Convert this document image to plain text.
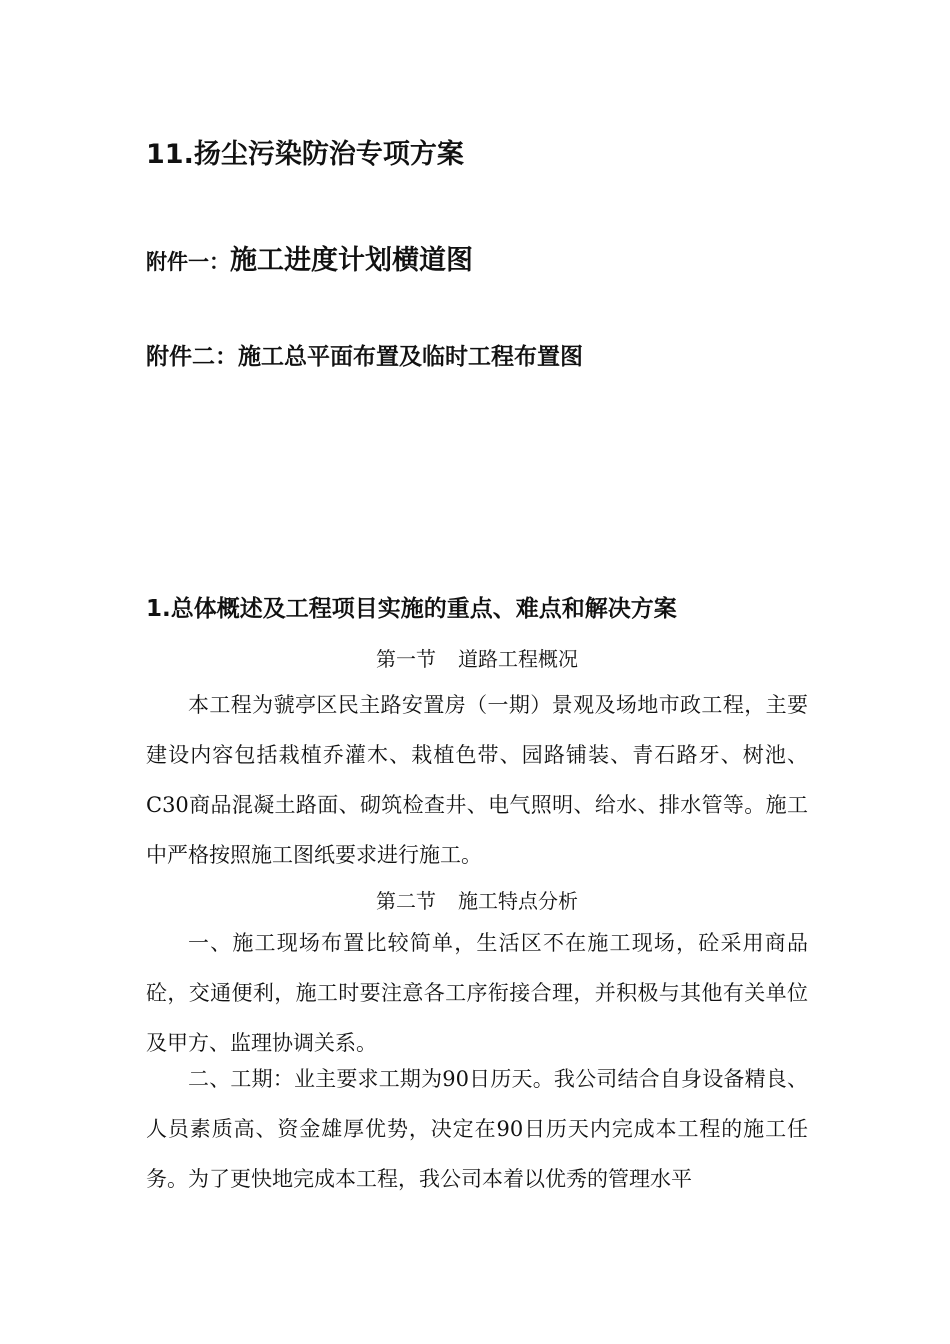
11.扬尘污染防治专项方案
附件一：施工进度计划横道图
附件二：施工总平面布置及临时工程布置图
1.总体概述及工程项目实施的重点、难点和解决方案
第一节 道路工程概况

本工程为虢亭区民主路安置房（一期）景观及场地市政工程，主要建设内容包括栽植乔灌木、栽植色带、园路铺装、青石路牙、树池、C30商品混凝土路面、砌筑检查井、电气照明、给水、排水管等。施工中严格按照施工图纸要求进行施工。

第二节 施工特点分析

一、施工现场布置比较简单，生活区不在施工现场，砼采用商品砼，交通便利，施工时要注意各工序衔接合理，并积极与其他有关单位及甲方、监理协调关系。

二、工期：业主要求工期为90日历天。我公司结合自身设备精良、人员素质高、资金雄厚优势，决定在90日历天内完成本工程的施工任务。为了更快地完成本工程，我公司本着以优秀的管理水平
